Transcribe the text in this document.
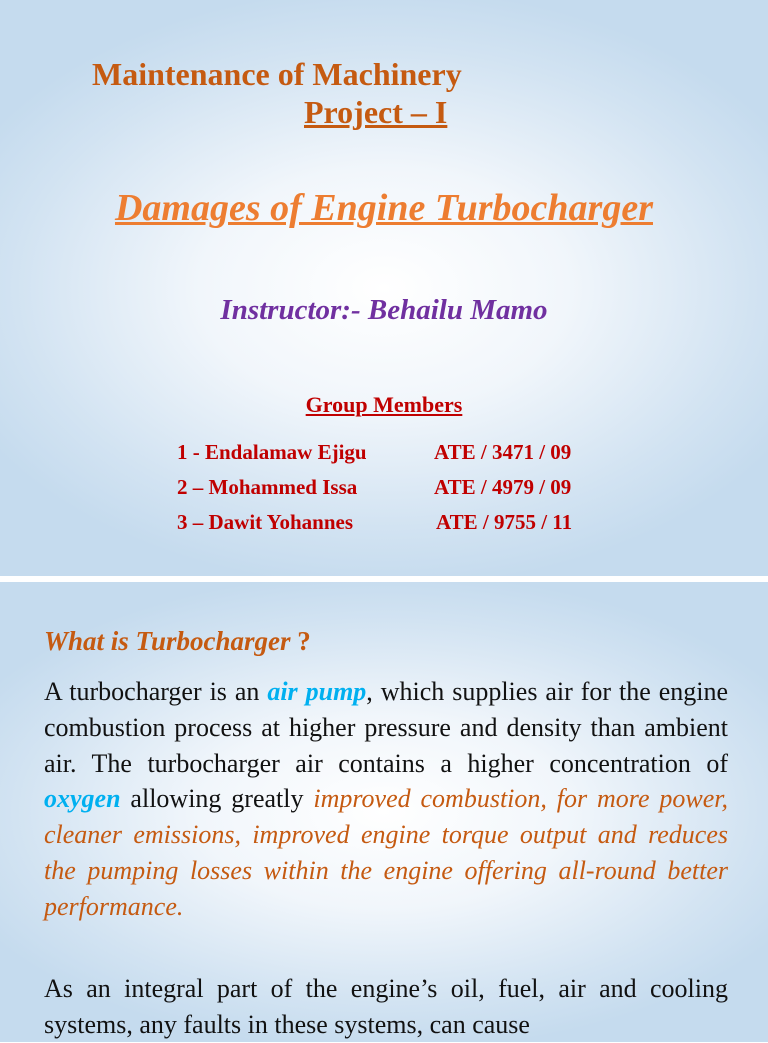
Maintenance of Machinery
Project – I
Damages of Engine Turbocharger
Instructor:- Behailu Mamo
Group Members
1 - Endalamaw Ejigu	ATE / 3471 / 09
2 – Mohammed Issa	ATE / 4979 / 09
3 – Dawit Yohannes	ATE / 9755 / 11
What is Turbocharger ?

A turbocharger is an air pump, which supplies air for the engine combustion process at higher pressure and density than ambient air. The turbocharger air contains a higher concentration of oxygen allowing greatly improved combustion, for more power, cleaner emissions, improved engine torque output and reduces the pumping losses within the engine offering all-round better performance.

As an integral part of the engine’s oil, fuel, air and cooling systems, any faults in these systems, can cause
